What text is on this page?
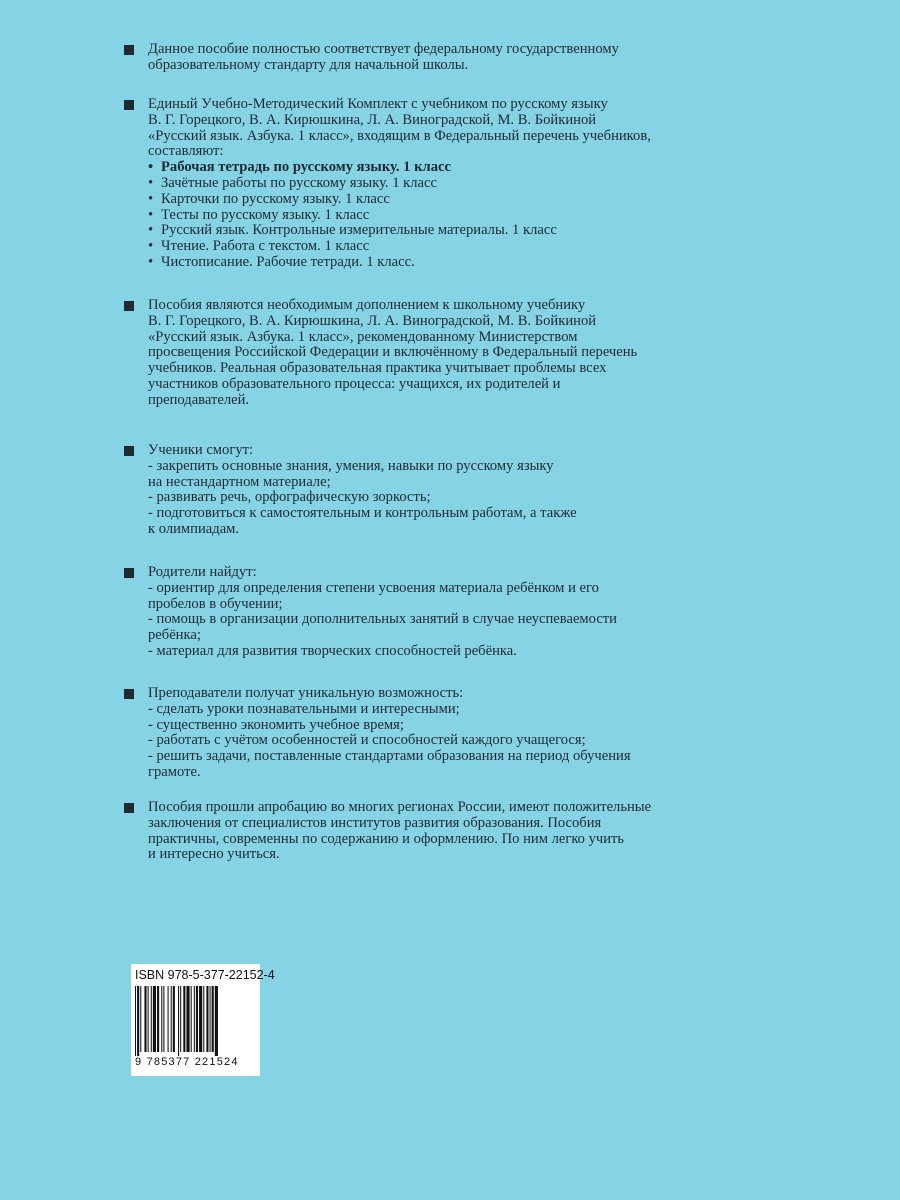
Данное пособие полностью соответствует федеральному государственному
образовательному стандарту для начальной школы.
Единый Учебно-Методический Комплект с учебником по русскому языку
В. Г. Горецкого, В. А. Кирюшкина, Л. А. Виноградской, М. В. Бойкиной
«Русский язык. Азбука. 1 класс», входящим в Федеральный перечень учебников,
составляют:
• Рабочая тетрадь по русскому языку. 1 класс
• Зачётные работы по русскому языку. 1 класс
• Карточки по русскому языку. 1 класс
• Тесты по русскому языку. 1 класс
• Русский язык. Контрольные измерительные материалы. 1 класс
• Чтение. Работа с текстом. 1 класс
• Чистописание. Рабочие тетради. 1 класс.
Пособия являются необходимым дополнением к школьному учебнику
В. Г. Горецкого, В. А. Кирюшкина, Л. А. Виноградской, М. В. Бойкиной
«Русский язык. Азбука. 1 класс», рекомендованному Министерством
просвещения Российской Федерации и включённому в Федеральный перечень
учебников. Реальная образовательная практика учитывает проблемы всех
участников образовательного процесса: учащихся, их родителей и
преподавателей.
Ученики смогут:
- закрепить основные знания, умения, навыки по русскому языку
на нестандартном материале;
- развивать речь, орфографическую зоркость;
- подготовиться к самостоятельным и контрольным работам, а также
к олимпиадам.
Родители найдут:
- ориентир для определения степени усвоения материала ребёнком и его
пробелов в обучении;
- помощь в организации дополнительных занятий в случае неуспеваемости
ребёнка;
- материал для развития творческих способностей ребёнка.
Преподаватели получат уникальную возможность:
- сделать уроки познавательными и интересными;
- существенно экономить учебное время;
- работать с учётом особенностей и способностей каждого учащегося;
- решить задачи, поставленные стандартами образования на период обучения
грамоте.
Пособия прошли апробацию во многих регионах России, имеют положительные
заключения от специалистов институтов развития образования. Пособия
практичны, современны по содержанию и оформлению. По ним легко учить
и интересно учиться.
ISBN 978-5-377-22152-4
9 785377 221524
